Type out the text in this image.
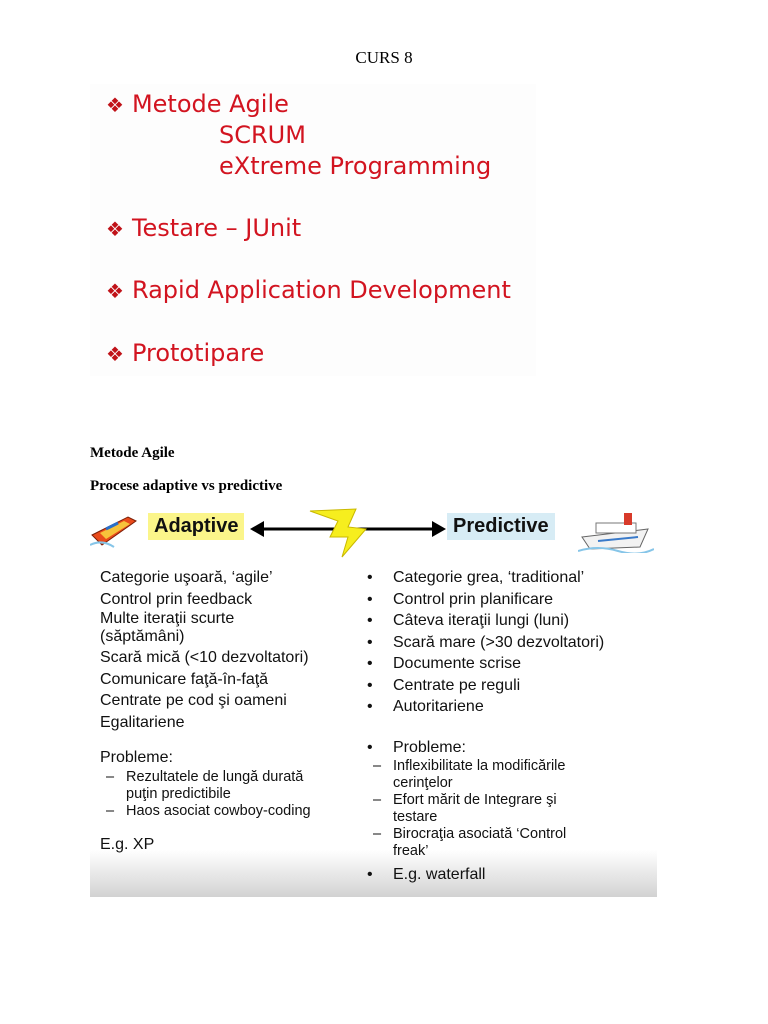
CURS 8
❖ Metode Agile
SCRUM
eXtreme Programming
❖ Testare – JUnit
❖ Rapid Application Development
❖ Prototipare
Metode Agile
Procese adaptive vs predictive
Adaptive	Predictive
Categorie uşoară, ‘agile’
Control prin feedback
Multe iteraţii scurte
(săptămâni)
Scară mică (<10 dezvoltatori)
Comunicare faţă-în-faţă
Centrate pe cod şi oameni
Egalitariene
Probleme:
– Rezultatele de lungă durată
puţin predictibile
– Haos asociat cowboy-coding
E.g. XP
• Categorie grea, ‘traditional’
• Control prin planificare
• Câteva iteraţii lungi (luni)
• Scară mare (>30 dezvoltatori)
• Documente scrise
• Centrate pe reguli
• Autoritariene
• Probleme:
– Inflexibilitate la modificările
cerinţelor
– Efort mărit de Integrare şi
testare
– Birocraţia asociată ‘Control
freak’
• E.g. waterfall
